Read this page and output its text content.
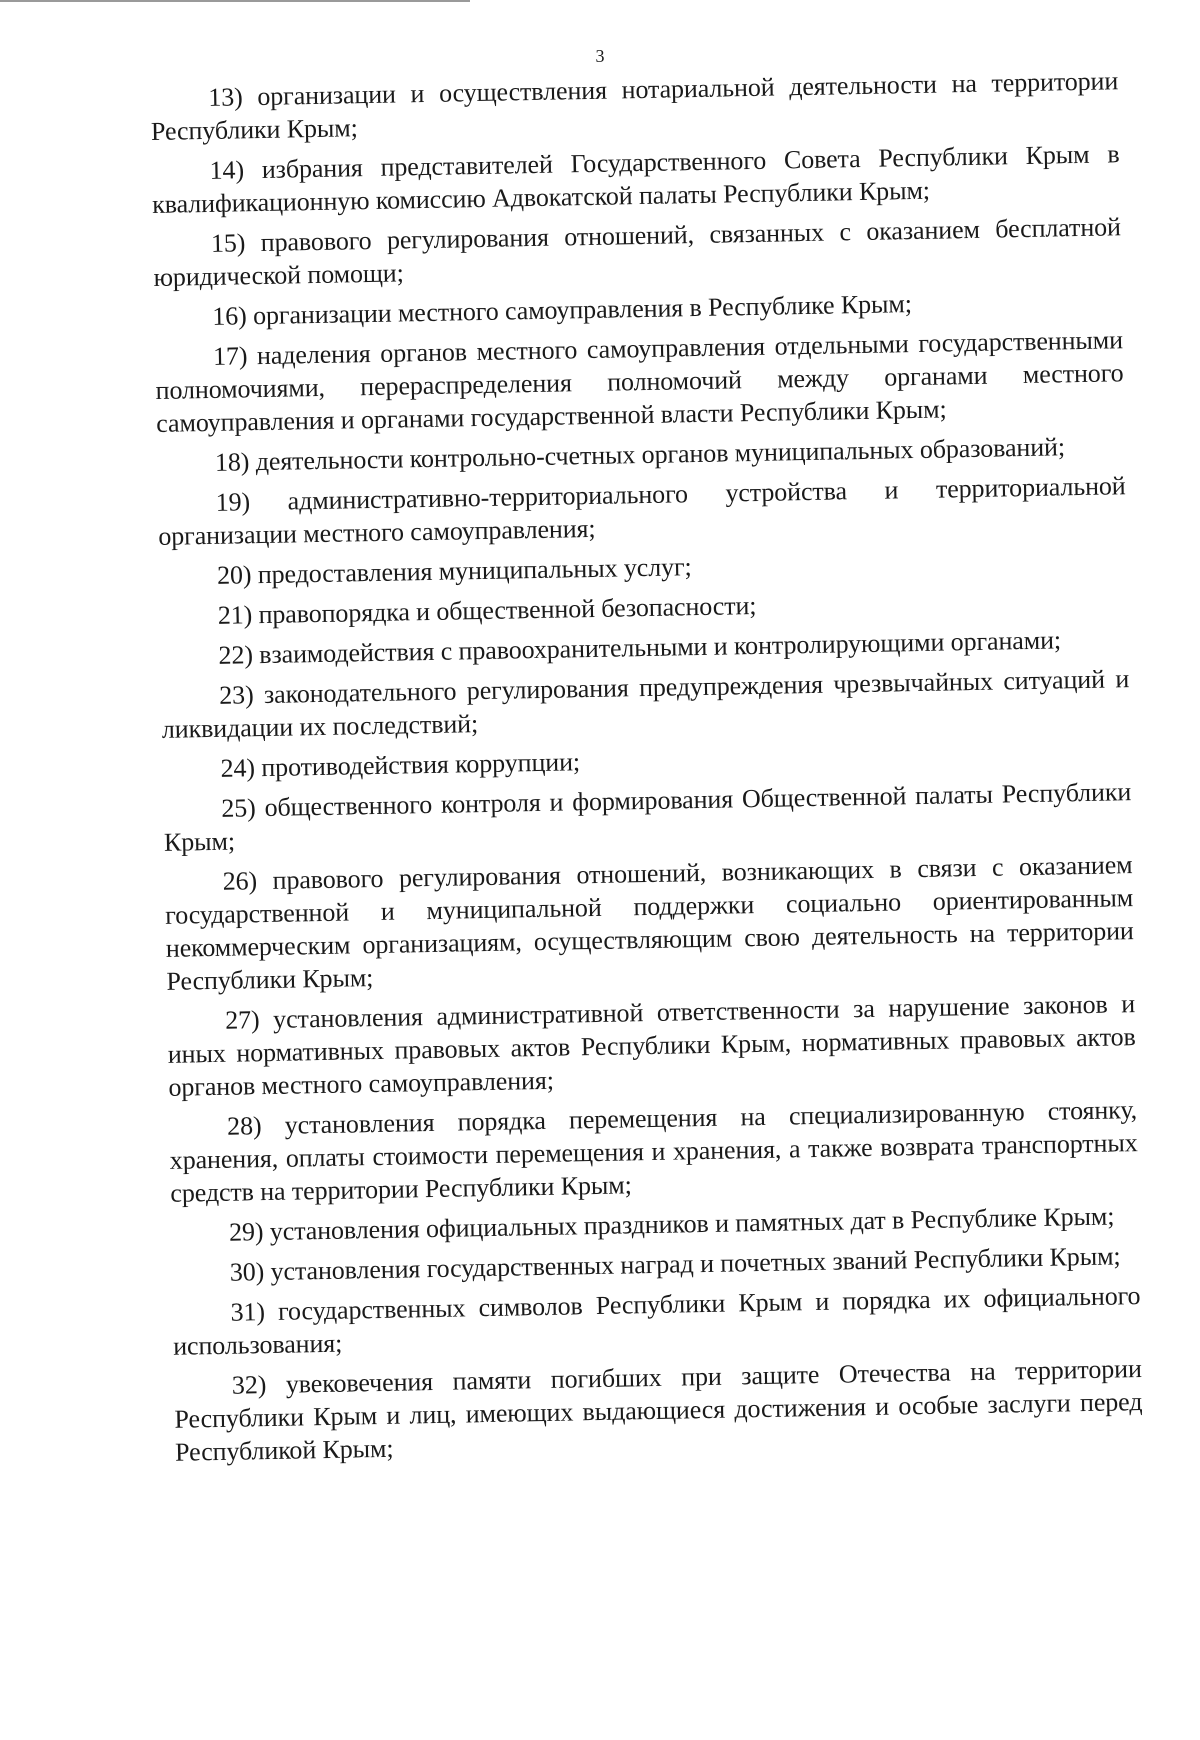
3

13) организации и осуществления нотариальной деятельности на территории Республики Крым;

14) избрания представителей Государственного Совета Республики Крым в квалификационную комиссию Адвокатской палаты Республики Крым;

15) правового регулирования отношений, связанных с оказанием бесплатной юридической помощи;

16) организации местного самоуправления в Республике Крым;

17) наделения органов местного самоуправления отдельными государственными полномочиями, перераспределения полномочий между органами местного самоуправления и органами государственной власти Республики Крым;

18) деятельности контрольно-счетных органов муниципальных образований;

19) административно-территориального устройства и территориальной организации местного самоуправления;

20) предоставления муниципальных услуг;

21) правопорядка и общественной безопасности;

22) взаимодействия с правоохранительными и контролирующими органами;

23) законодательного регулирования предупреждения чрезвычайных ситуаций и ликвидации их последствий;

24) противодействия коррупции;

25) общественного контроля и формирования Общественной палаты Республики Крым;

26) правового регулирования отношений, возникающих в связи с оказанием государственной и муниципальной поддержки социально ориентированным некоммерческим организациям, осуществляющим свою деятельность на территории Республики Крым;

27) установления административной ответственности за нарушение законов и иных нормативных правовых актов Республики Крым, нормативных правовых актов органов местного самоуправления;

28) установления порядка перемещения на специализированную стоянку, хранения, оплаты стоимости перемещения и хранения, а также возврата транспортных средств на территории Республики Крым;

29) установления официальных праздников и памятных дат в Республике Крым;

30) установления государственных наград и почетных званий Республики Крым;

31) государственных символов Республики Крым и порядка их официального использования;

32) увековечения памяти погибших при защите Отечества на территории Республики Крым и лиц, имеющих выдающиеся достижения и особые заслуги перед Республикой Крым;
